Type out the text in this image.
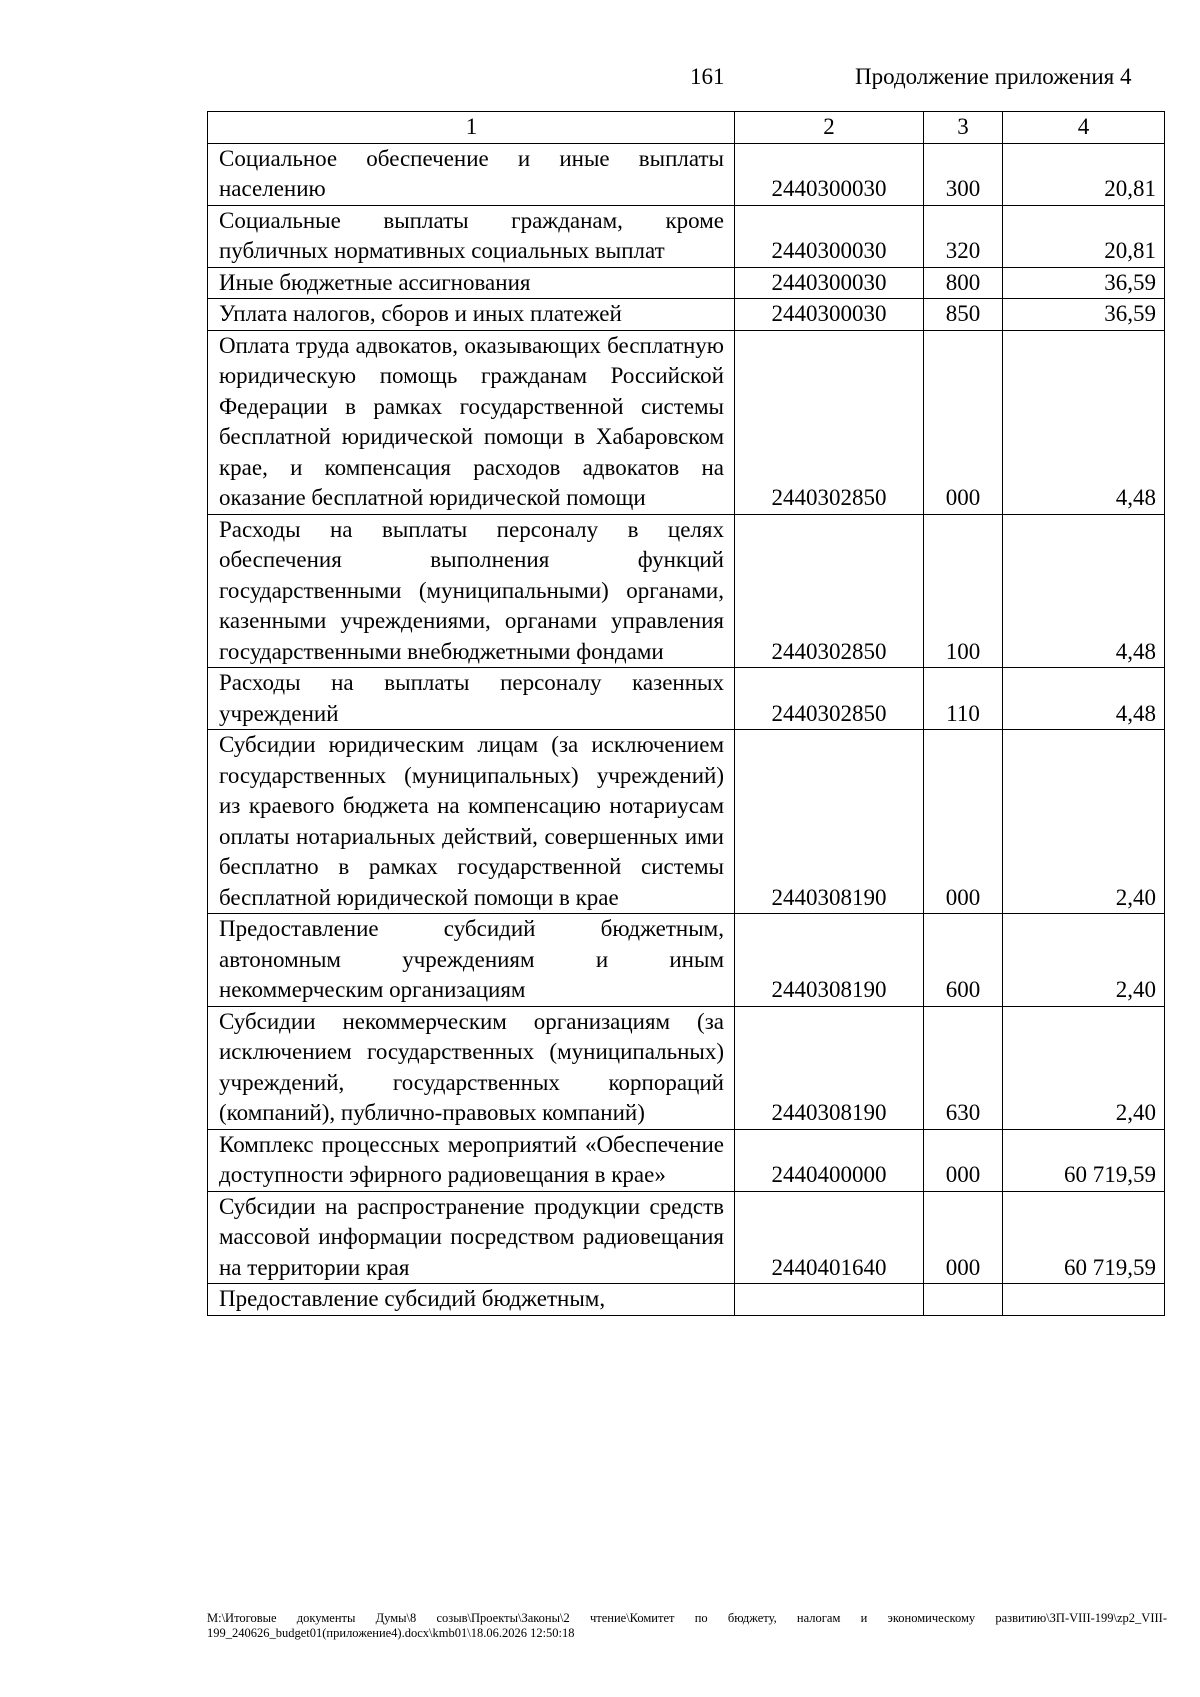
161	Продолжение приложения 4
1	2	3	4
Социальное обеспечение и иные выплаты населению	2440300030	300	20,81
Социальные выплаты гражданам, кроме публичных нормативных социальных выплат	2440300030	320	20,81
Иные бюджетные ассигнования	2440300030	800	36,59
Уплата налогов, сборов и иных платежей	2440300030	850	36,59
Оплата труда адвокатов, оказывающих бесплатную юридическую помощь гражданам Российской Федерации в рамках государственной системы бесплатной юридической помощи в Хабаровском крае, и компенсация расходов адвокатов на оказание бесплатной юридической помощи	2440302850	000	4,48
Расходы на выплаты персоналу в целях обеспечения выполнения функций государственными (муниципальными) органами, казенными учреждениями, органами управления государственными внебюджетными фондами	2440302850	100	4,48
Расходы на выплаты персоналу казенных учреждений	2440302850	110	4,48
Субсидии юридическим лицам (за исключением государственных (муниципальных) учреждений) из краевого бюджета на компенсацию нотариусам оплаты нотариальных действий, совершенных ими бесплатно в рамках государственной системы бесплатной юридической помощи в крае	2440308190	000	2,40
Предоставление субсидий бюджетным, автономным учреждениям и иным некоммерческим организациям	2440308190	600	2,40
Субсидии некоммерческим организациям (за исключением государственных (муниципальных) учреждений, государственных корпораций (компаний), публично-правовых компаний)	2440308190	630	2,40
Комплекс процессных мероприятий «Обеспечение доступности эфирного радиовещания в крае»	2440400000	000	60 719,59
Субсидии на распространение продукции средств массовой информации посредством радиовещания на территории края	2440401640	000	60 719,59
Предоставление субсидий бюджетным,			
M:\Итоговые документы Думы\8 созыв\Проекты\Законы\2 чтение\Комитет по бюджету, налогам и экономическому развитию\ЗП-VIII-199\zp2_VIII-199_240626_budget01(приложение4).docx\kmb01\18.06.2026 12:50:18
